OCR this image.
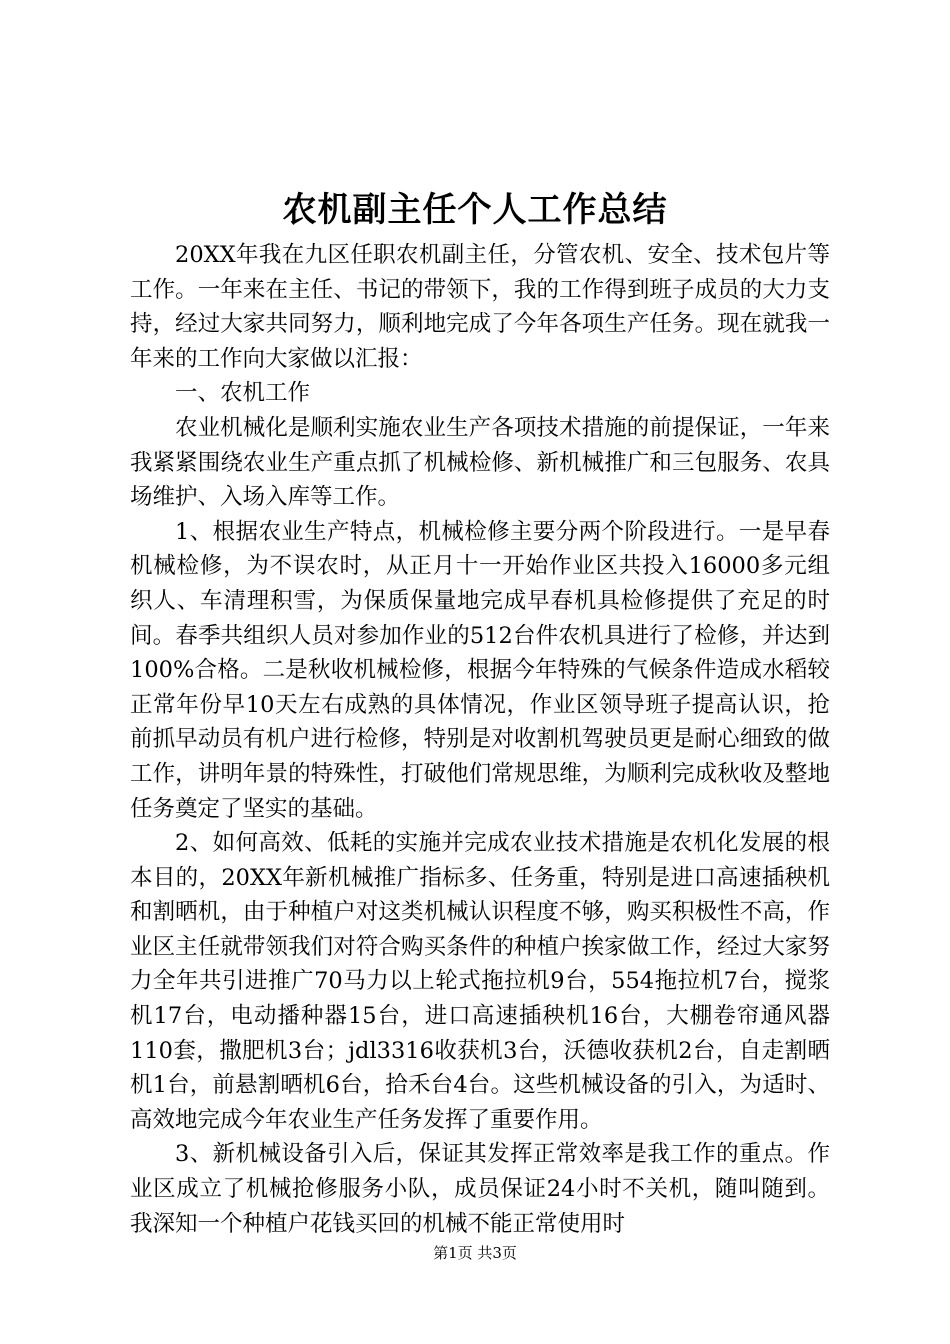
农机副主任个人工作总结

20XX年我在九区任职农机副主任，分管农机、安全、技术包片等工作。一年来在主任、书记的带领下，我的工作得到班子成员的大力支持，经过大家共同努力，顺利地完成了今年各项生产任务。现在就我一年来的工作向大家做以汇报：

一、农机工作

农业机械化是顺利实施农业生产各项技术措施的前提保证，一年来我紧紧围绕农业生产重点抓了机械检修、新机械推广和三包服务、农具场维护、入场入库等工作。

1、根据农业生产特点，机械检修主要分两个阶段进行。一是早春机械检修，为不误农时，从正月十一开始作业区共投入16000多元组织人、车清理积雪，为保质保量地完成早春机具检修提供了充足的时间。春季共组织人员对参加作业的512台件农机具进行了检修，并达到100%合格。二是秋收机械检修，根据今年特殊的气候条件造成水稻较正常年份早10天左右成熟的具体情况，作业区领导班子提高认识，抢前抓早动员有机户进行检修，特别是对收割机驾驶员更是耐心细致的做工作，讲明年景的特殊性，打破他们常规思维，为顺利完成秋收及整地任务奠定了坚实的基础。

2、如何高效、低耗的实施并完成农业技术措施是农机化发展的根本目的，20XX年新机械推广指标多、任务重，特别是进口高速插秧机和割晒机，由于种植户对这类机械认识程度不够，购买积极性不高，作业区主任就带领我们对符合购买条件的种植户挨家做工作，经过大家努力全年共引进推广70马力以上轮式拖拉机9台，554拖拉机7台，搅浆机17台，电动播种器15台，进口高速插秧机16台，大棚卷帘通风器110套，撒肥机3台；jdl3316收获机3台，沃德收获机2台，自走割晒机1台，前悬割晒机6台，拾禾台4台。这些机械设备的引入，为适时、高效地完成今年农业生产任务发挥了重要作用。

3、新机械设备引入后，保证其发挥正常效率是我工作的重点。作业区成立了机械抢修服务小队，成员保证24小时不关机，随叫随到。我深知一个种植户花钱买回的机械不能正常使用时

第1页 共3页
